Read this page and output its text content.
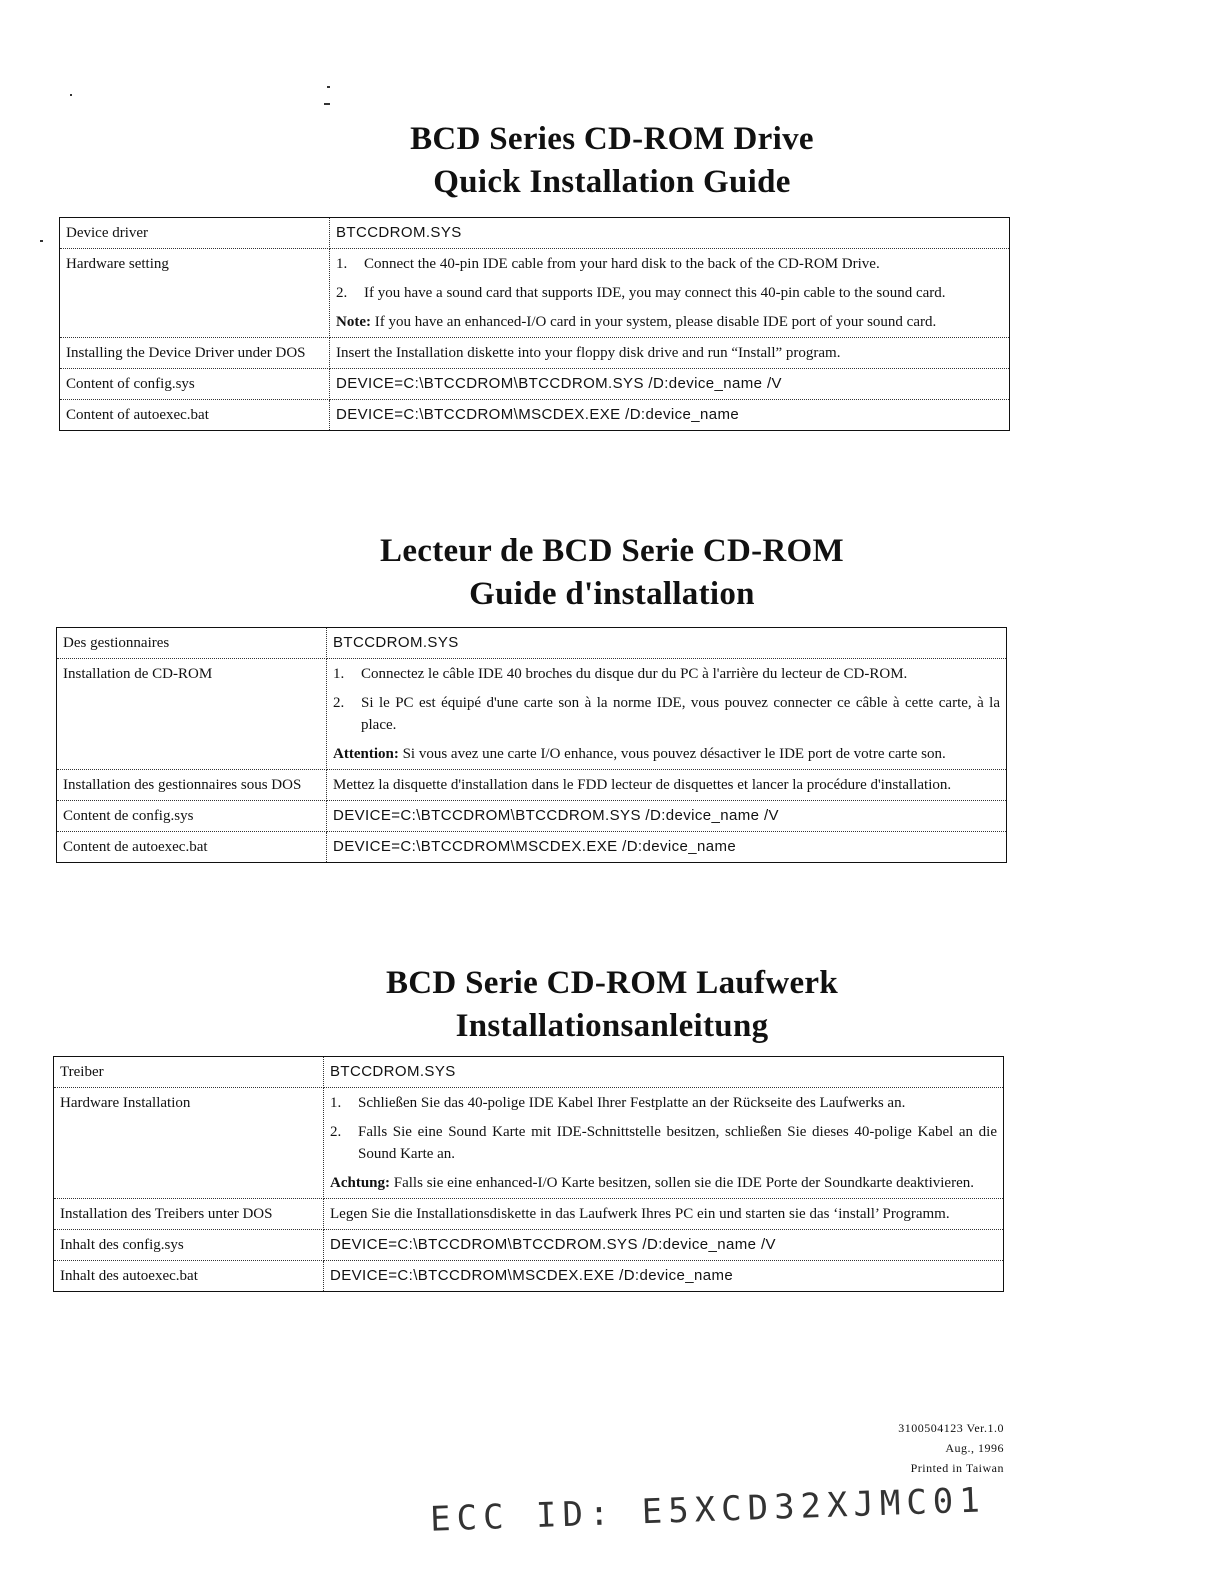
BCD Series CD-ROM Drive
Quick Installation Guide
Device driver	BTCCDROM.SYS
Hardware setting	1. Connect the 40-pin IDE cable from your hard disk to the back of the CD-ROM Drive.
2. If you have a sound card that supports IDE, you may connect this 40-pin cable to the sound card.
Note: If you have an enhanced-I/O card in your system, please disable IDE port of your sound card.

Installing the Device Driver under DOS	Insert the Installation diskette into your floppy disk drive and run “Install” program.
Content of config.sys	DEVICE=C:\BTCCDROM\BTCCDROM.SYS /D:device_name /V
Content of autoexec.bat	DEVICE=C:\BTCCDROM\MSCDEX.EXE /D:device_name
Lecteur de BCD Serie CD-ROM
Guide d'installation
Des gestionnaires	BTCCDROM.SYS
Installation de CD-ROM	1. Connectez le câble IDE 40 broches du disque dur du PC à l'arrière du lecteur de CD-ROM.
2. Si le PC est équipé d'une carte son à la norme IDE, vous pouvez connecter ce câble à cette carte, à la place.
Attention: Si vous avez une carte I/O enhance, vous pouvez désactiver le IDE port de votre carte son.

Installation des gestionnaires sous DOS	Mettez la disquette d'installation dans le FDD lecteur de disquettes et lancer la procédure d'installation.
Content de config.sys	DEVICE=C:\BTCCDROM\BTCCDROM.SYS /D:device_name /V
Content de autoexec.bat	DEVICE=C:\BTCCDROM\MSCDEX.EXE /D:device_name
BCD Serie CD-ROM Laufwerk
Installationsanleitung
Treiber	BTCCDROM.SYS
Hardware Installation	1. Schließen Sie das 40-polige IDE Kabel Ihrer Festplatte an der Rückseite des Laufwerks an.
2. Falls Sie eine Sound Karte mit IDE-Schnittstelle besitzen, schließen Sie dieses 40-polige Kabel an die Sound Karte an.
Achtung: Falls sie eine enhanced-I/O Karte besitzen, sollen sie die IDE Porte der Soundkarte deaktivieren.

Installation des Treibers unter DOS	Legen Sie die Installationsdiskette in das Laufwerk Ihres PC ein und starten sie das ‘install’ Programm.
Inhalt des config.sys	DEVICE=C:\BTCCDROM\BTCCDROM.SYS /D:device_name /V
Inhalt des autoexec.bat	DEVICE=C:\BTCCDROM\MSCDEX.EXE /D:device_name
3100504123 Ver.1.0
Aug., 1996
Printed in Taiwan
ECC ID: E5XCD32XJMC01
